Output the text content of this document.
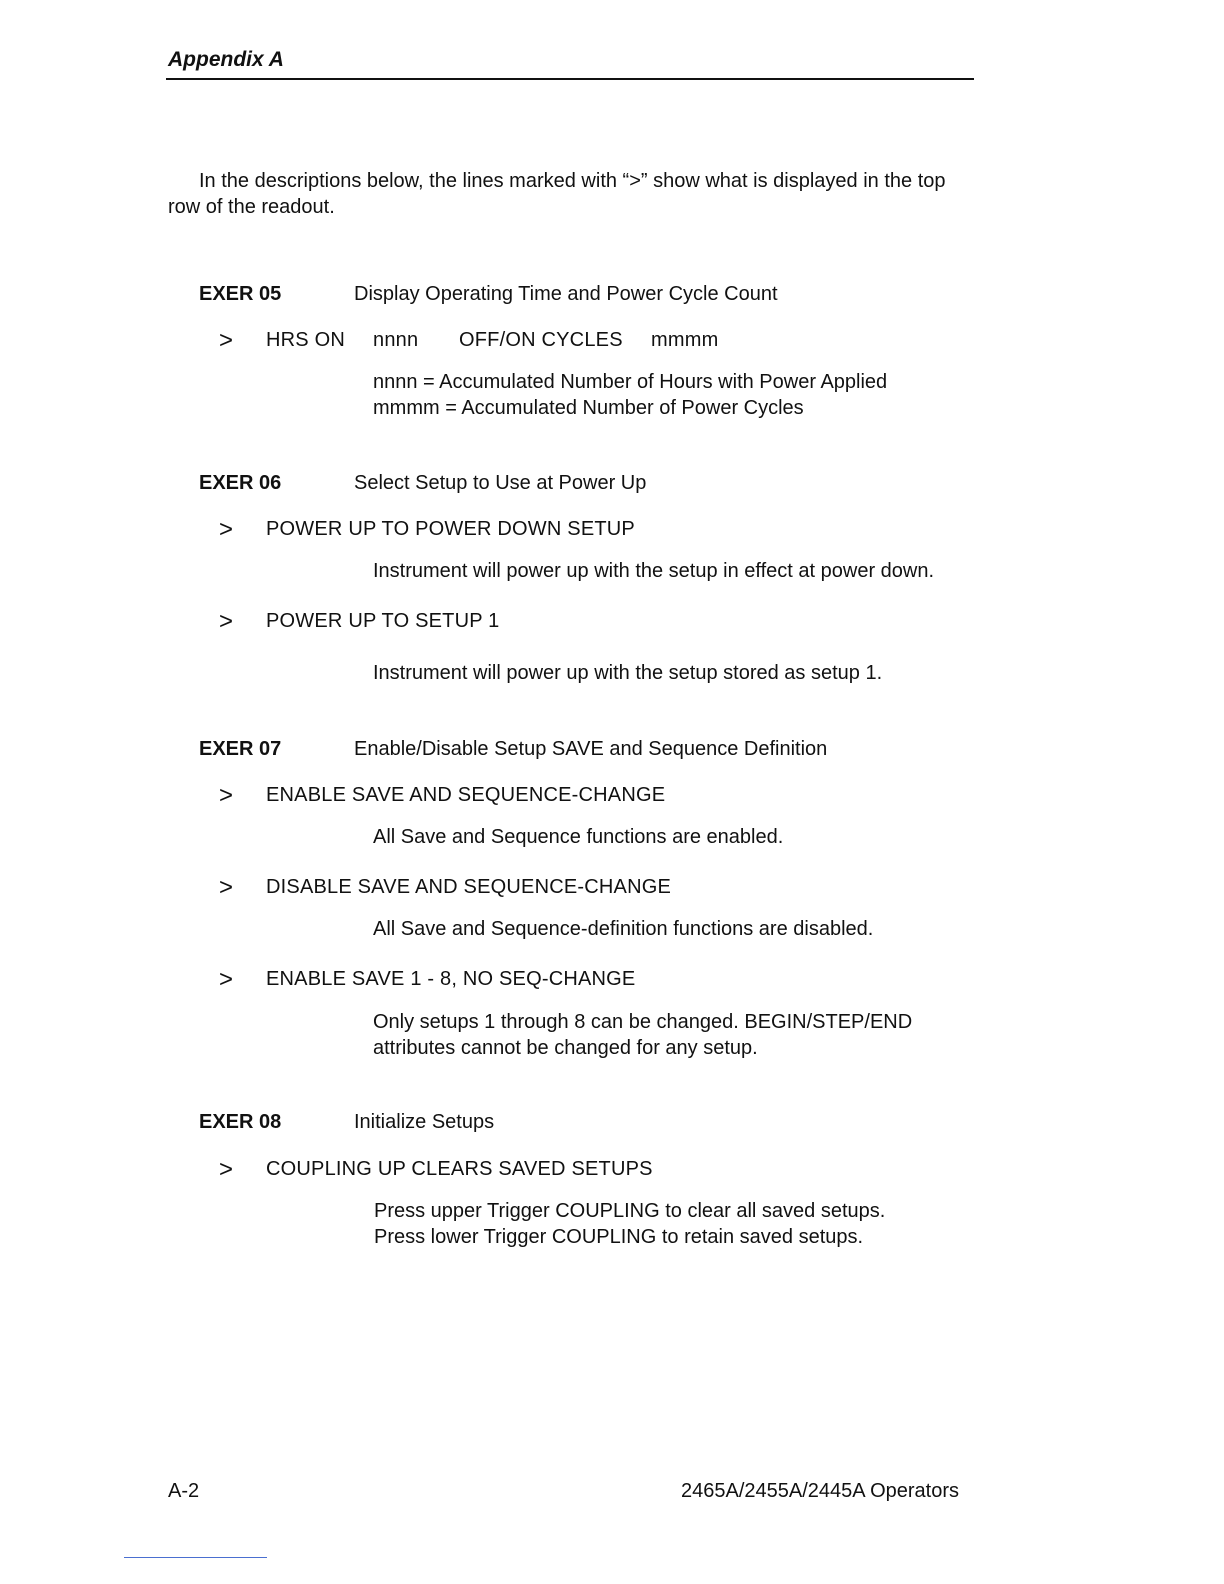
Appendix A
In the descriptions below, the lines marked with “>” show what is displayed in the top row of the readout.
EXER 05	Display Operating Time and Power Cycle Count
> HRS ON nnnn OFF/ON CYCLES mmmm
nnnn = Accumulated Number of Hours with Power Applied
mmmm = Accumulated Number of Power Cycles
EXER 06	Select Setup to Use at Power Up
> POWER UP TO POWER DOWN SETUP
Instrument will power up with the setup in effect at power down.
> POWER UP TO SETUP 1
Instrument will power up with the setup stored as setup 1.
EXER 07	Enable/Disable Setup SAVE and Sequence Definition
> ENABLE SAVE AND SEQUENCE-CHANGE
All Save and Sequence functions are enabled.
> DISABLE SAVE AND SEQUENCE-CHANGE
All Save and Sequence-definition functions are disabled.
> ENABLE SAVE 1 - 8, NO SEQ-CHANGE
Only setups 1 through 8 can be changed. BEGIN/STEP/END
attributes cannot be changed for any setup.
EXER 08	Initialize Setups
> COUPLING UP CLEARS SAVED SETUPS
Press upper Trigger COUPLING to clear all saved setups.
Press lower Trigger COUPLING to retain saved setups.
A-2	2465A/2455A/2445A Operators
